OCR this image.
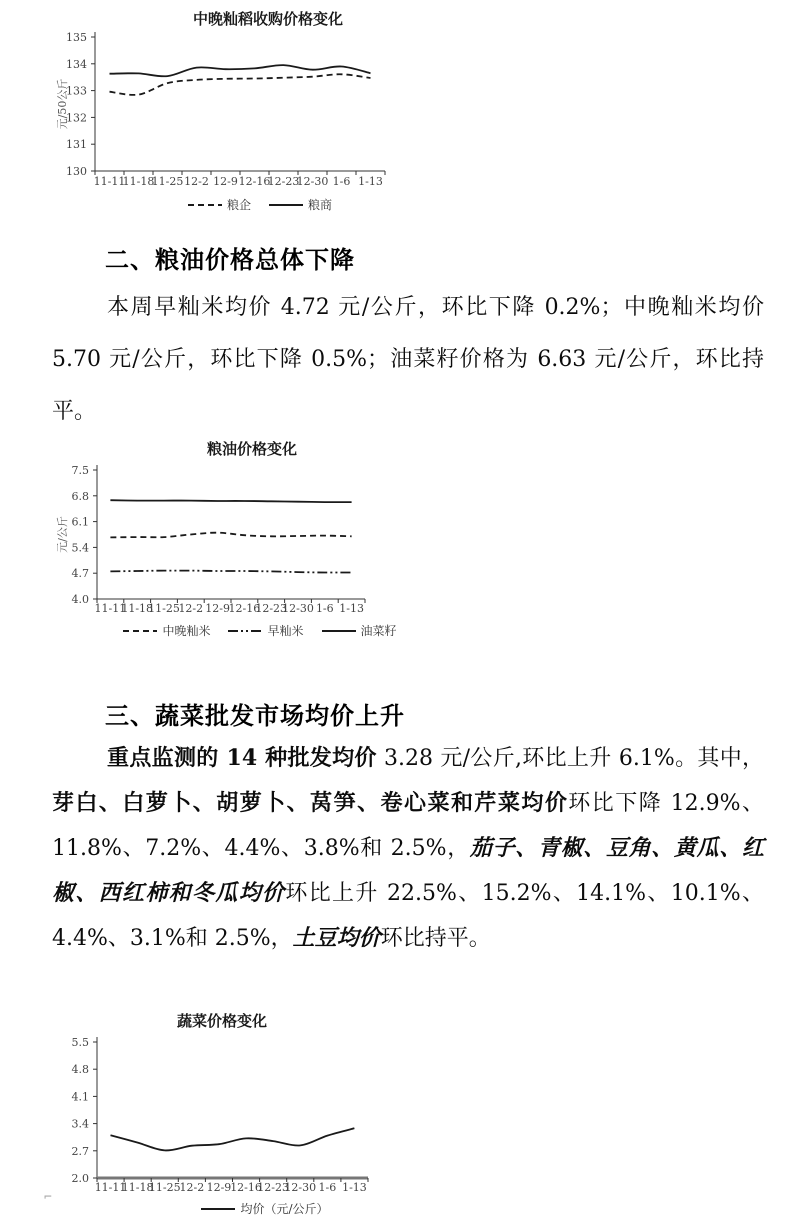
中晚籼稻收购价格变化
130
131
132
133
134
135
元/50公斤
11-11
11-18
11-25 12-2 12-9 12-16
12-23
12-30 1-6 1-13
粮企	粮商
二、粮油价格总体下降

本周早籼米均价 4.72 元/公斤，环比下降 0.2%；中晚籼米均价 5.70 元/公斤，环比下降 0.5%；油菜籽价格为 6.63 元/公斤，环比持平。

粮油价格变化
4.0
4.7
5.4
6.1
6.8
7.5
元/公斤
11-11
11-18
11-25
12-2 12-9
12-16
12-23
12-30 1-6 1-13
中晚籼米	早籼米	油菜籽
三、蔬菜批发市场均价上升

重点监测的 14 种批发均价 3.28 元/公斤,环比上升 6.1%。其中，芽白、白萝卜、胡萝卜、莴笋、卷心菜和芹菜均价环比下降 12.9%、11.8%、7.2%、4.4%、3.8%和 2.5%，茄子、青椒、豆角、黄瓜、红椒、西红柿和冬瓜均价环比上升 22.5%、15.2%、14.1%、10.1%、4.4%、3.1%和 2.5%，土豆均价环比持平。

蔬菜价格变化
2.0
2.7
3.4
4.1
4.8
5.5
11-11
11-18
11-25
12-2 12-9
12-16
12-23
12-30 1-6 1-13
均价（元/公斤）
⌐
